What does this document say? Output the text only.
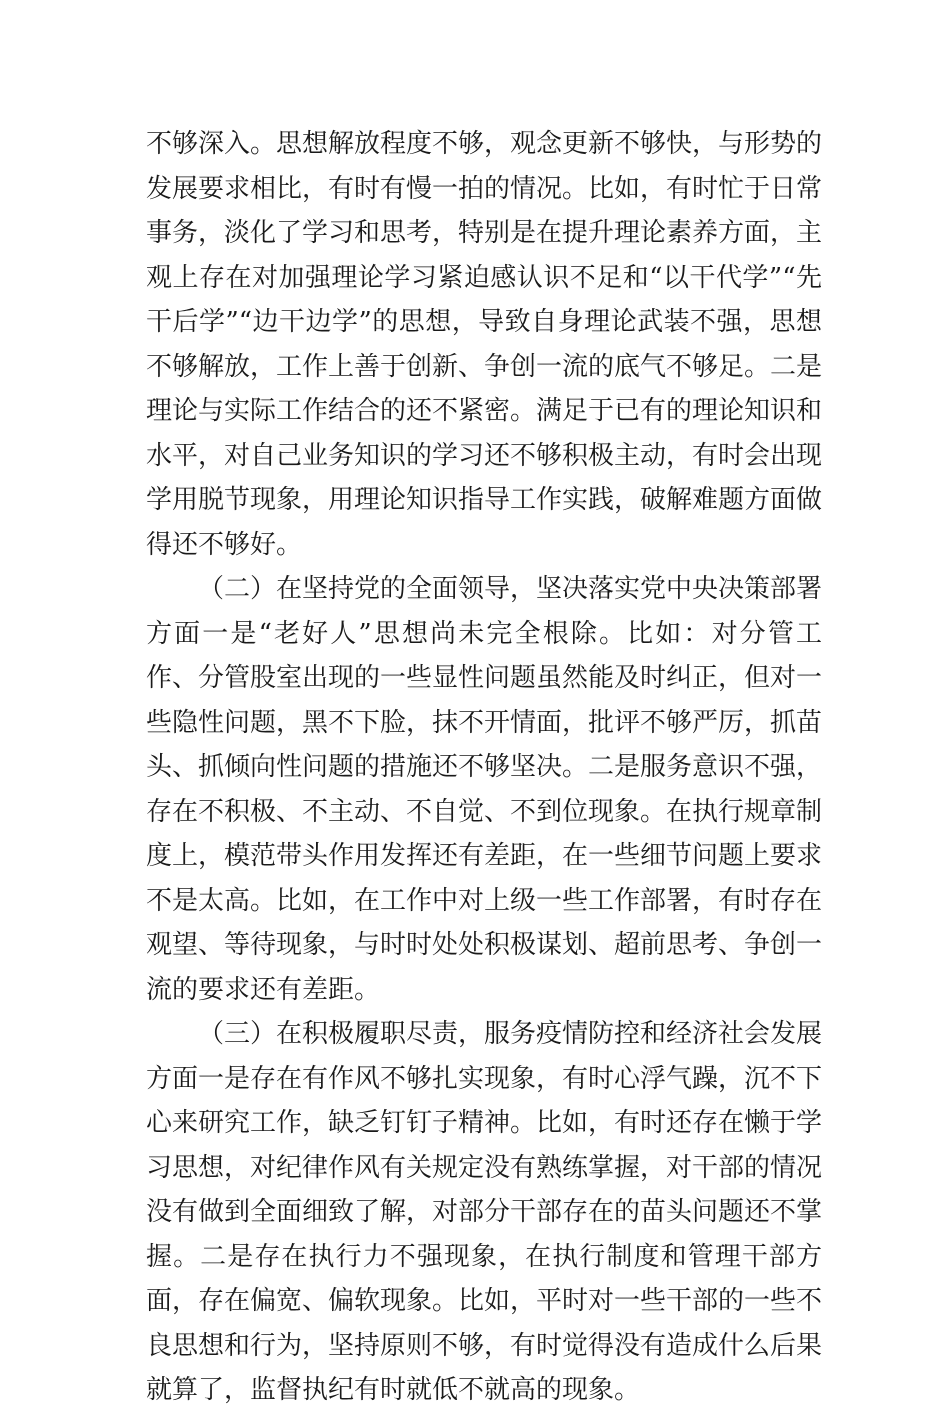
不够深入。思想解放程度不够，观念更新不够快，与形势的发展要求相比，有时有慢一拍的情况。比如，有时忙于日常事务，淡化了学习和思考，特别是在提升理论素养方面，主观上存在对加强理论学习紧迫感认识不足和“以干代学”“先干后学”“边干边学”的思想，导致自身理论武装不强，思想不够解放，工作上善于创新、争创一流的底气不够足。二是理论与实际工作结合的还不紧密。满足于已有的理论知识和水平，对自己业务知识的学习还不够积极主动，有时会出现学用脱节现象，用理论知识指导工作实践，破解难题方面做得还不够好。

（二）在坚持党的全面领导，坚决落实党中央决策部署方面一是“老好人”思想尚未完全根除。比如：对分管工作、分管股室出现的一些显性问题虽然能及时纠正，但对一些隐性问题，黑不下脸，抹不开情面，批评不够严厉，抓苗头、抓倾向性问题的措施还不够坚决。二是服务意识不强，存在不积极、不主动、不自觉、不到位现象。在执行规章制度上，模范带头作用发挥还有差距，在一些细节问题上要求不是太高。比如，在工作中对上级一些工作部署，有时存在观望、等待现象，与时时处处积极谋划、超前思考、争创一流的要求还有差距。

（三）在积极履职尽责，服务疫情防控和经济社会发展方面一是存在有作风不够扎实现象，有时心浮气躁，沉不下心来研究工作，缺乏钉钉子精神。比如，有时还存在懒于学习思想，对纪律作风有关规定没有熟练掌握，对干部的情况没有做到全面细致了解，对部分干部存在的苗头问题还不掌握。二是存在执行力不强现象，在执行制度和管理干部方面，存在偏宽、偏软现象。比如，平时对一些干部的一些不良思想和行为，坚持原则不够，有时觉得没有造成什么后果就算了，监督执纪有时就低不就高的现象。
